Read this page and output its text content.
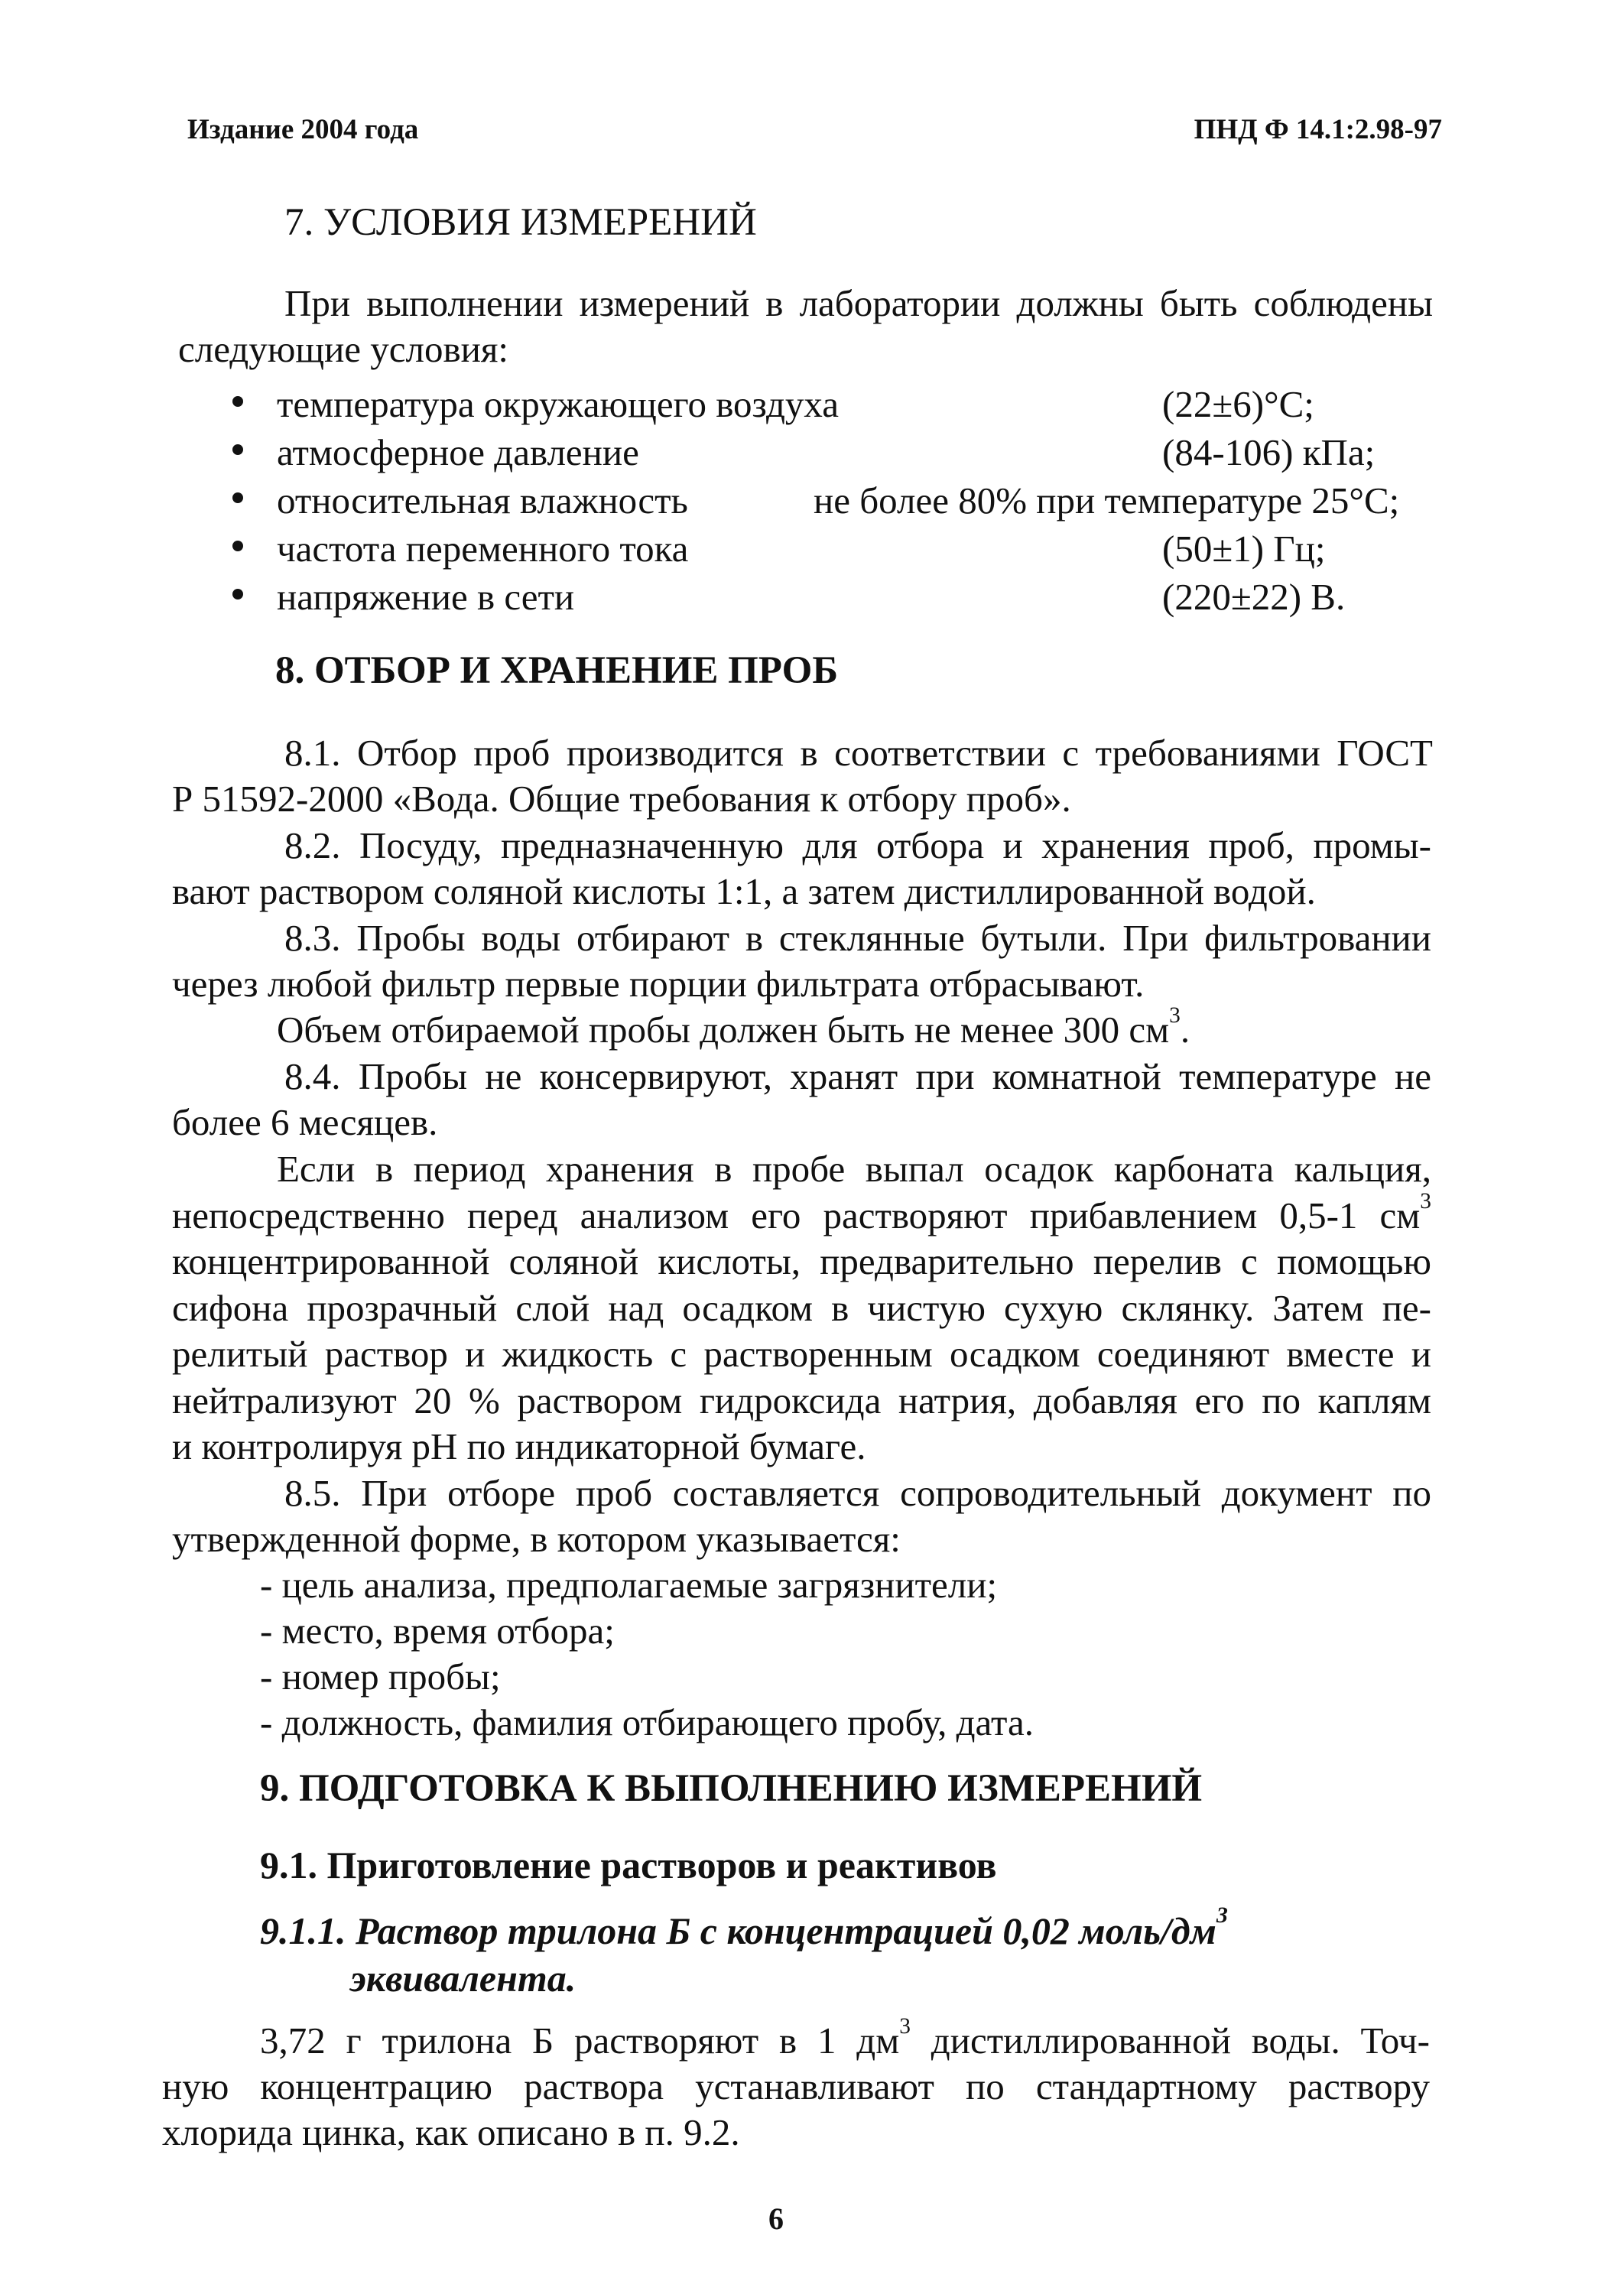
Издание 2004 года	ПНД Ф 14.1:2.98-97
7. УСЛОВИЯ ИЗМЕРЕНИЙ
При выполнении измерений в лаборатории должны быть соблюдены
следующие условия:
температура окружающего воздуха	(22±6)°С;
атмосферное давление	(84-106) кПа;
относительная влажность	не более 80% при температуре 25°С;
частота переменного тока	(50±1) Гц;
напряжение в сети	(220±22) В.
8. ОТБОР И ХРАНЕНИЕ ПРОБ
8.1. Отбор проб производится в соответствии с требованиями ГОСТ
Р 51592-2000 «Вода. Общие требования к отбору проб».
8.2. Посуду, предназначенную для отбора и хранения проб, промы-
вают раствором соляной кислоты 1:1, а затем дистиллированной водой.
8.3. Пробы воды отбирают в стеклянные бутыли. При фильтровании
через любой фильтр первые порции фильтрата отбрасывают.
Объем отбираемой пробы должен быть не менее 300 $см^3$.
8.4. Пробы не консервируют, хранят при комнатной температуре не
более 6 месяцев.
Если в период хранения в пробе выпал осадок карбоната кальция,
непосредственно перед анализом его растворяют прибавлением 0,5-1 $см^3$
концентрированной соляной кислоты, предварительно перелив с помощью
сифона прозрачный слой над осадком в чистую сухую склянку. Затем пе-
релитый раствор и жидкость с растворенным осадком соединяют вместе и
нейтрализуют 20 % раствором гидроксида натрия, добавляя его по каплям
и контролируя pH по индикаторной бумаге.
8.5. При отборе проб составляется сопроводительный документ по
утвержденной форме, в котором указывается:
- цель анализа, предполагаемые загрязнители;
- место, время отбора;
- номер пробы;
- должность, фамилия отбирающего пробу, дата.
9. ПОДГОТОВКА К ВЫПОЛНЕНИЮ ИЗМЕРЕНИЙ
9.1. Приготовление растворов и реактивов
9.1.1. Раствор трилона Б с концентрацией 0,02 моль/$дм^3$
эквивалента.
3,72 г трилона Б растворяют в 1 $дм^3$ дистиллированной воды. Точ-
ную концентрацию раствора устанавливают по стандартному раствору
хлорида цинка, как описано в п. 9.2.
6
